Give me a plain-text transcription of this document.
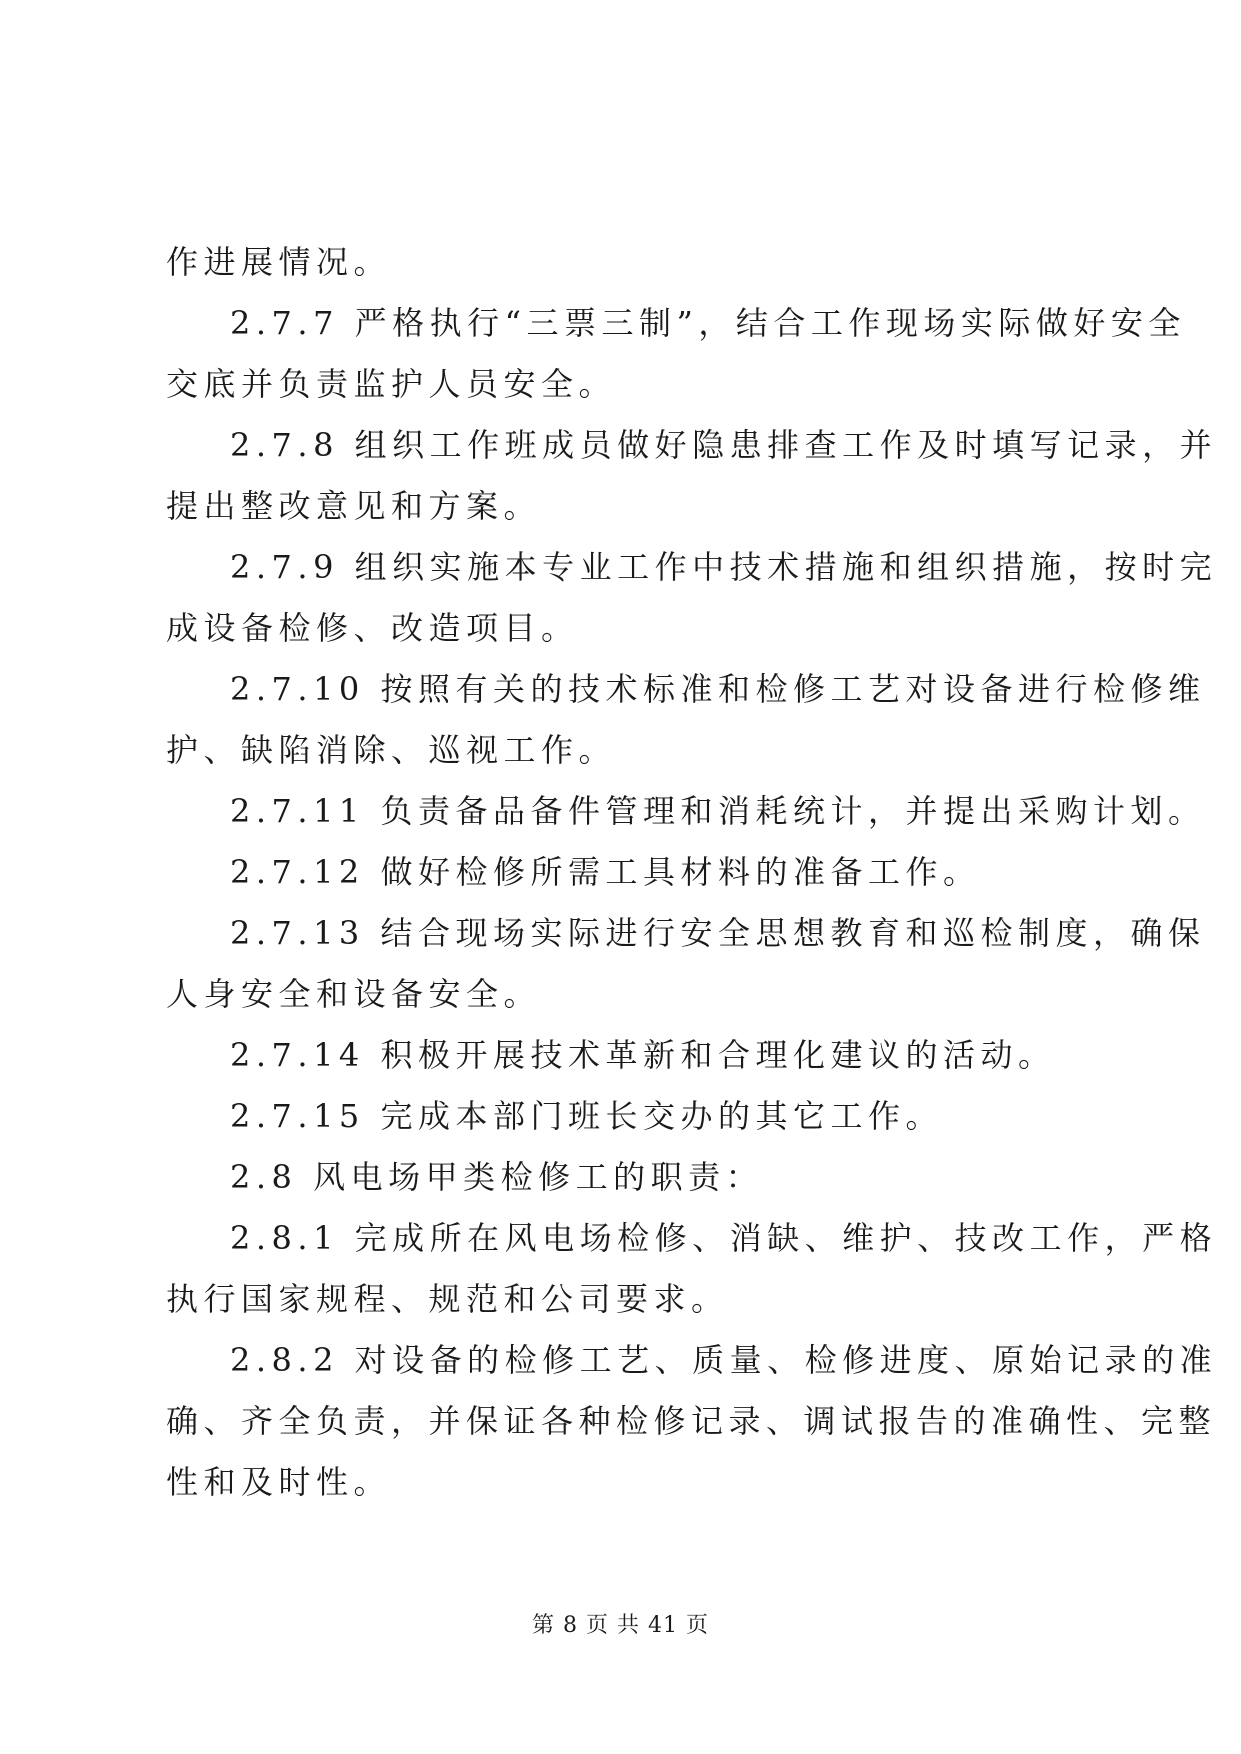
作进展情况。
2.7.7 严格执行“三票三制”，结合工作现场实际做好安全
交底并负责监护人员安全。
2.7.8 组织工作班成员做好隐患排查工作及时填写记录，并
提出整改意见和方案。
2.7.9 组织实施本专业工作中技术措施和组织措施，按时完
成设备检修、改造项目。
2.7.10 按照有关的技术标准和检修工艺对设备进行检修维
护、缺陷消除、巡视工作。
2.7.11 负责备品备件管理和消耗统计，并提出采购计划。
2.7.12 做好检修所需工具材料的准备工作。
2.7.13 结合现场实际进行安全思想教育和巡检制度，确保
人身安全和设备安全。
2.7.14 积极开展技术革新和合理化建议的活动。
2.7.15 完成本部门班长交办的其它工作。
2.8 风电场甲类检修工的职责：
2.8.1 完成所在风电场检修、消缺、维护、技改工作，严格
执行国家规程、规范和公司要求。
2.8.2 对设备的检修工艺、质量、检修进度、原始记录的准
确、齐全负责，并保证各种检修记录、调试报告的准确性、完整
性和及时性。
第 8 页 共 41 页
